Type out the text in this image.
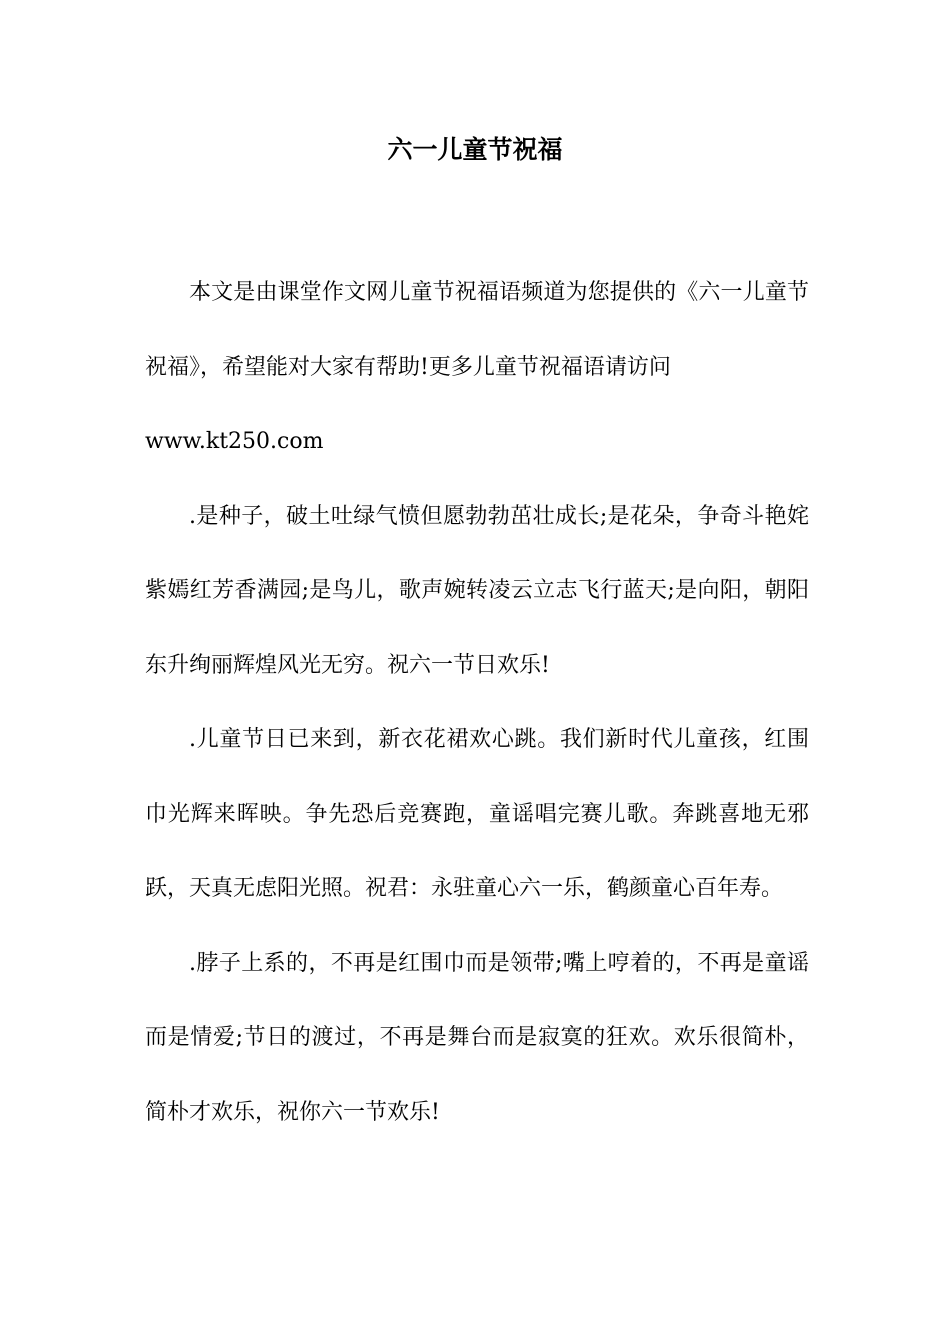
六一儿童节祝福

本文是由课堂作文网儿童节祝福语频道为您提供的《六一儿童节祝福》，希望能对大家有帮助!更多儿童节祝福语请访问

www.kt250.com

.是种子，破土吐绿气愤但愿勃勃茁壮成长;是花朵，争奇斗艳姹紫嫣红芳香满园;是鸟儿，歌声婉转凌云立志飞行蓝天;是向阳，朝阳东升绚丽辉煌风光无穷。祝六一节日欢乐!

.儿童节日已来到，新衣花裙欢心跳。我们新时代儿童孩，红围巾光辉来晖映。争先恐后竞赛跑，童谣唱完赛儿歌。奔跳喜地无邪跃，天真无虑阳光照。祝君：永驻童心六一乐，鹤颜童心百年寿。

.脖子上系的，不再是红围巾而是领带;嘴上哼着的，不再是童谣而是情爱;节日的渡过，不再是舞台而是寂寞的狂欢。欢乐很简朴，简朴才欢乐，祝你六一节欢乐!
